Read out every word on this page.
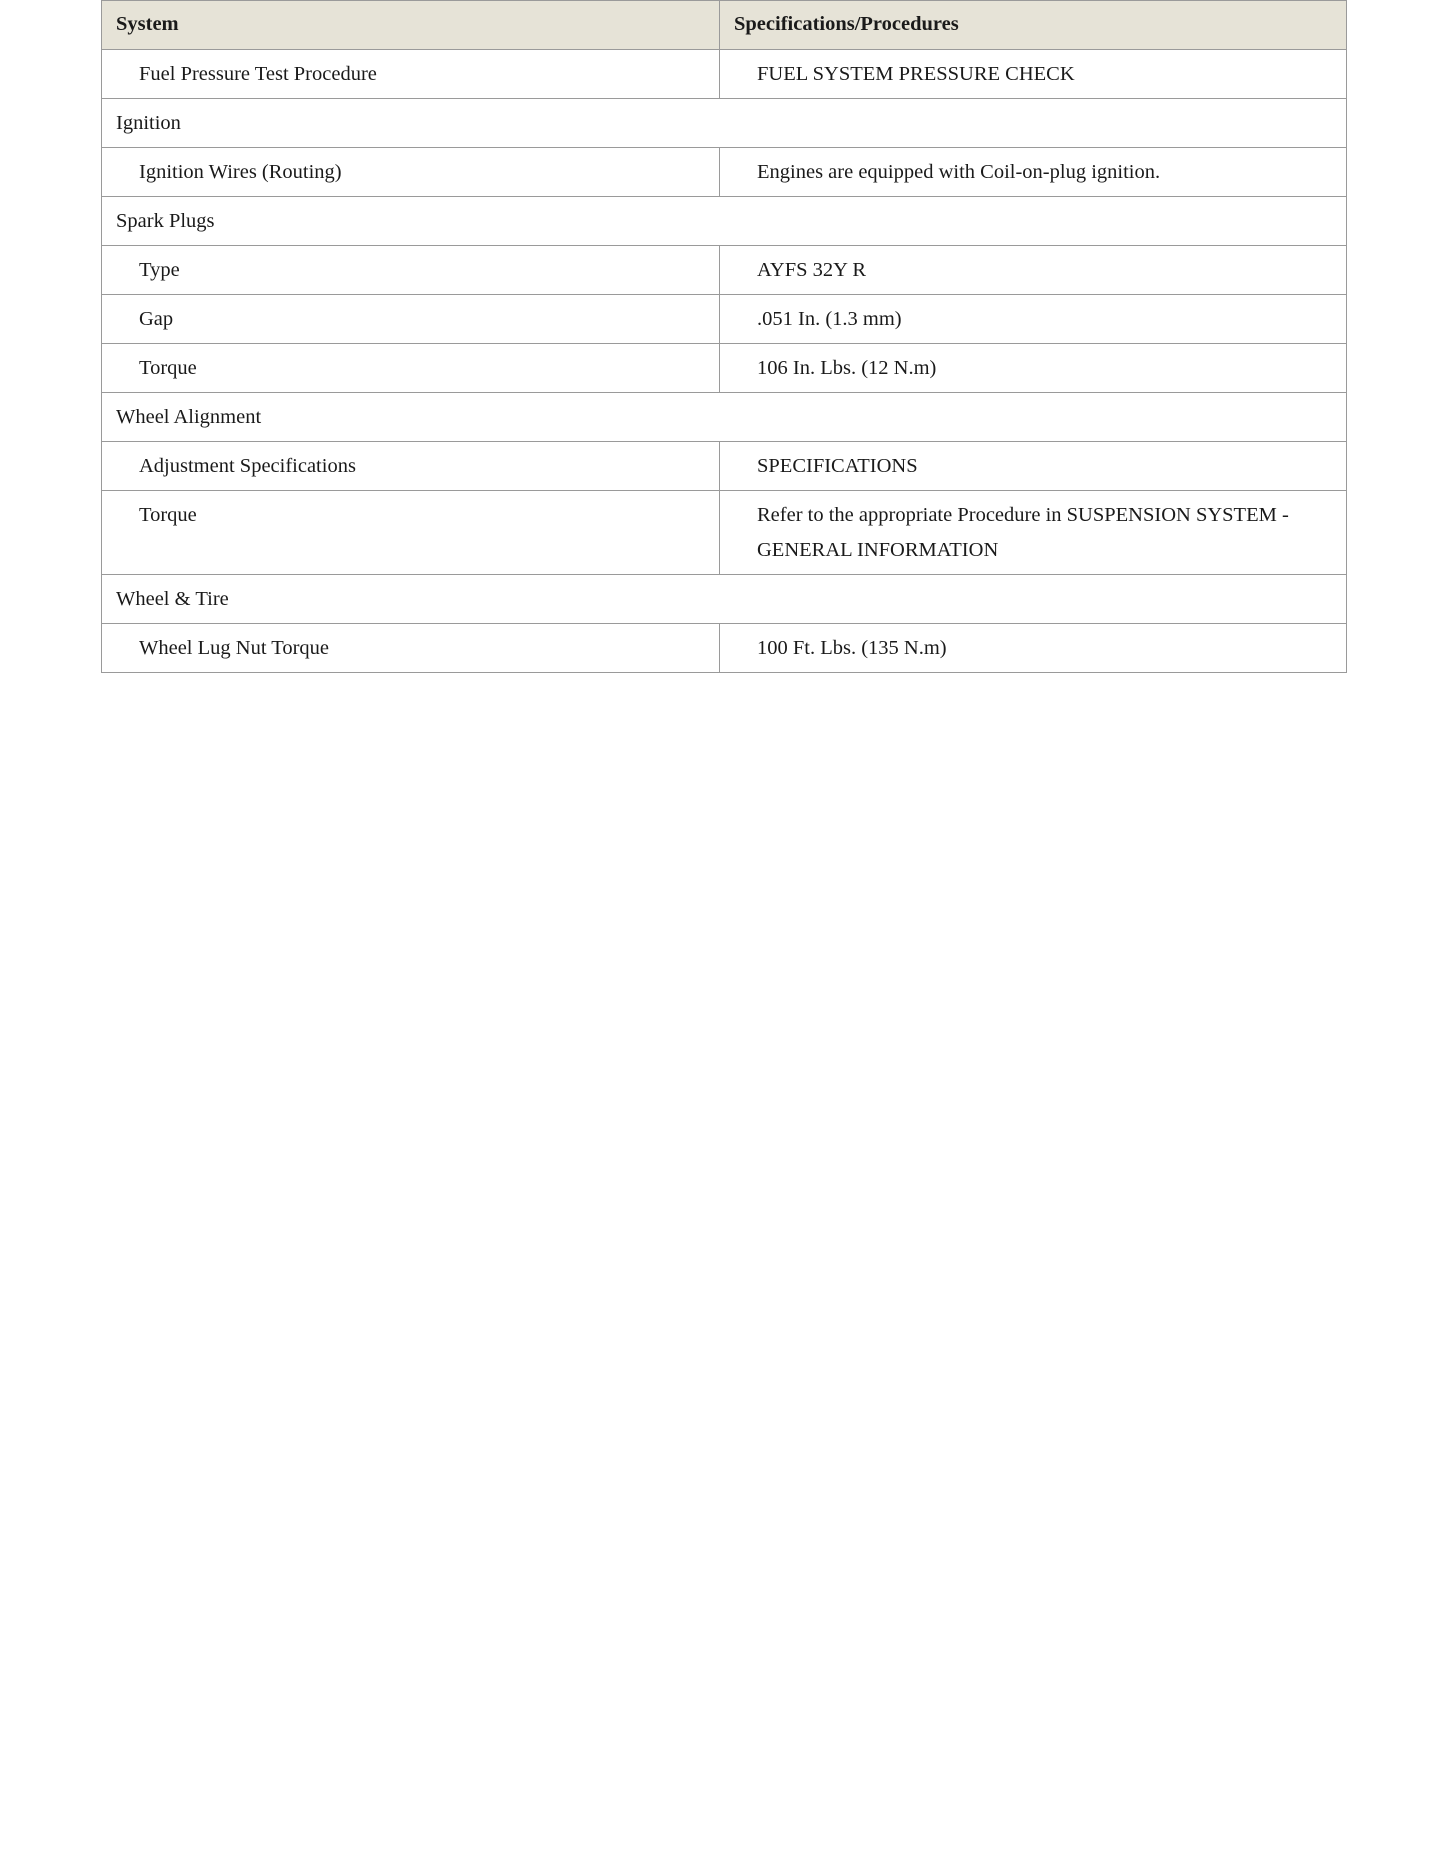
System	Specifications/Procedures
Fuel Pressure Test Procedure	FUEL SYSTEM PRESSURE CHECK
Ignition	
Ignition Wires (Routing)	Engines are equipped with Coil-on-plug ignition.
Spark Plugs	
Type	AYFS 32Y R
Gap	.051 In. (1.3 mm)
Torque	106 In. Lbs. (12 N.m)
Wheel Alignment	
Adjustment Specifications	SPECIFICATIONS
Torque	Refer to the appropriate Procedure in SUSPENSION SYSTEM - GENERAL INFORMATION
Wheel & Tire	
Wheel Lug Nut Torque	100 Ft. Lbs. (135 N.m)
